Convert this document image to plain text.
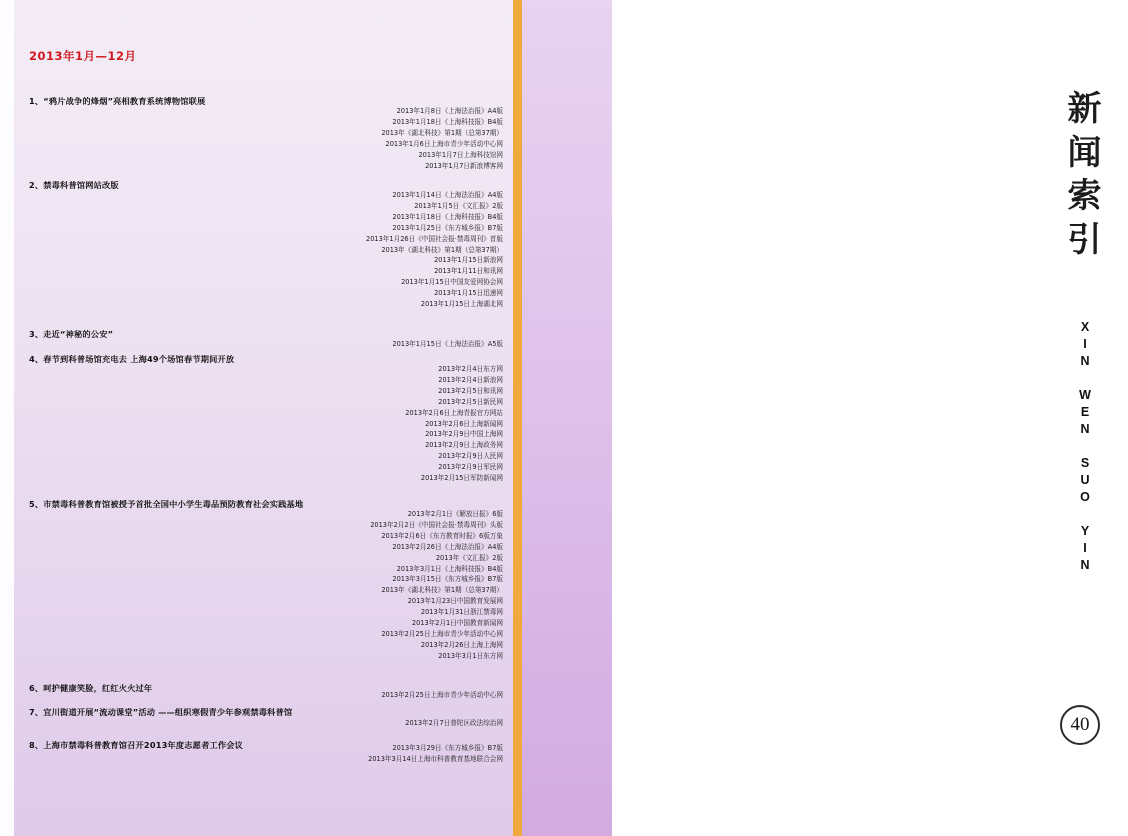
2013年1月—12月
1、“鸦片战争的烽烟”亮相教育系统博物馆联展
2013年1月8日《上海法治报》A4版
2013年1月18日《上海科技报》B4版
2013年《湖北科技》第1期（总第37期）
2013年1月6日上海市青少年活动中心网
2013年1月7日上海科技馆网
2013年1月7日新浪博客网
2、禁毒科普馆网站改版
2013年1月14日《上海法治报》A4版
2013年1月5日《文汇报》2版
2013年1月18日《上海科技报》B4版
2013年1月25日《东方城乡报》B7版
2013年1月26日《中国社会报·禁毒周刊》首版
2013年《湖北科技》第1期（总第37期）
2013年1月15日新浪网
2013年1月11日和讯网
2013年1月15日中国友爱网协会网
2013年1月15日迅速网
2013年1月15日上海湖北网
3、走近“神秘的公安”
2013年1月15日《上海法治报》A5版
4、春节到科普场馆充电去 上海49个场馆春节期间开放
2013年2月4日东方网
2013年2月4日新浪网
2013年2月5日和讯网
2013年2月5日新民网
2013年2月6日上海青报官方网站
2013年2月6日上海新闻网
2013年2月9日中国上海网
2013年2月9日上海政务网
2013年2月9日人民网
2013年2月9日军民网
2013年2月15日军防新闻网
5、市禁毒科普教育馆被授予首批全国中小学生毒品预防教育社会实践基地
2013年2月1日《解放日报》6版
2013年2月2日《中国社会报·禁毒周刊》头版
2013年2月6日《东方教育时报》6版万象
2013年2月26日《上海法治报》A4版
2013年《文汇报》2版
2013年3月1日《上海科技报》B4版
2013年3月15日《东方城乡报》B7版
2013年《湖北科技》第1期（总第37期）
2013年1月23日中国教育发展网
2013年1月31日浙江禁毒网
2013年2月1日中国教育新闻网
2013年2月25日上海市青少年活动中心网
2013年2月26日上海上海网
2013年3月1日东方网
6、呵护健康笑脸，红红火火过年
2013年2月25日上海市青少年活动中心网
7、宜川街道开展“流动课堂”活动 ——组织寒假青少年参观禁毒科普馆
2013年2月7日普陀区政法综治网
8、上海市禁毒科普教育馆召开2013年度志愿者工作会议	2013年3月29日《东方城乡报》B7版
2013年3月14日上海市科普教育基地联合会网
新
闻
索
引
XIN WEN SUO YIN
40
